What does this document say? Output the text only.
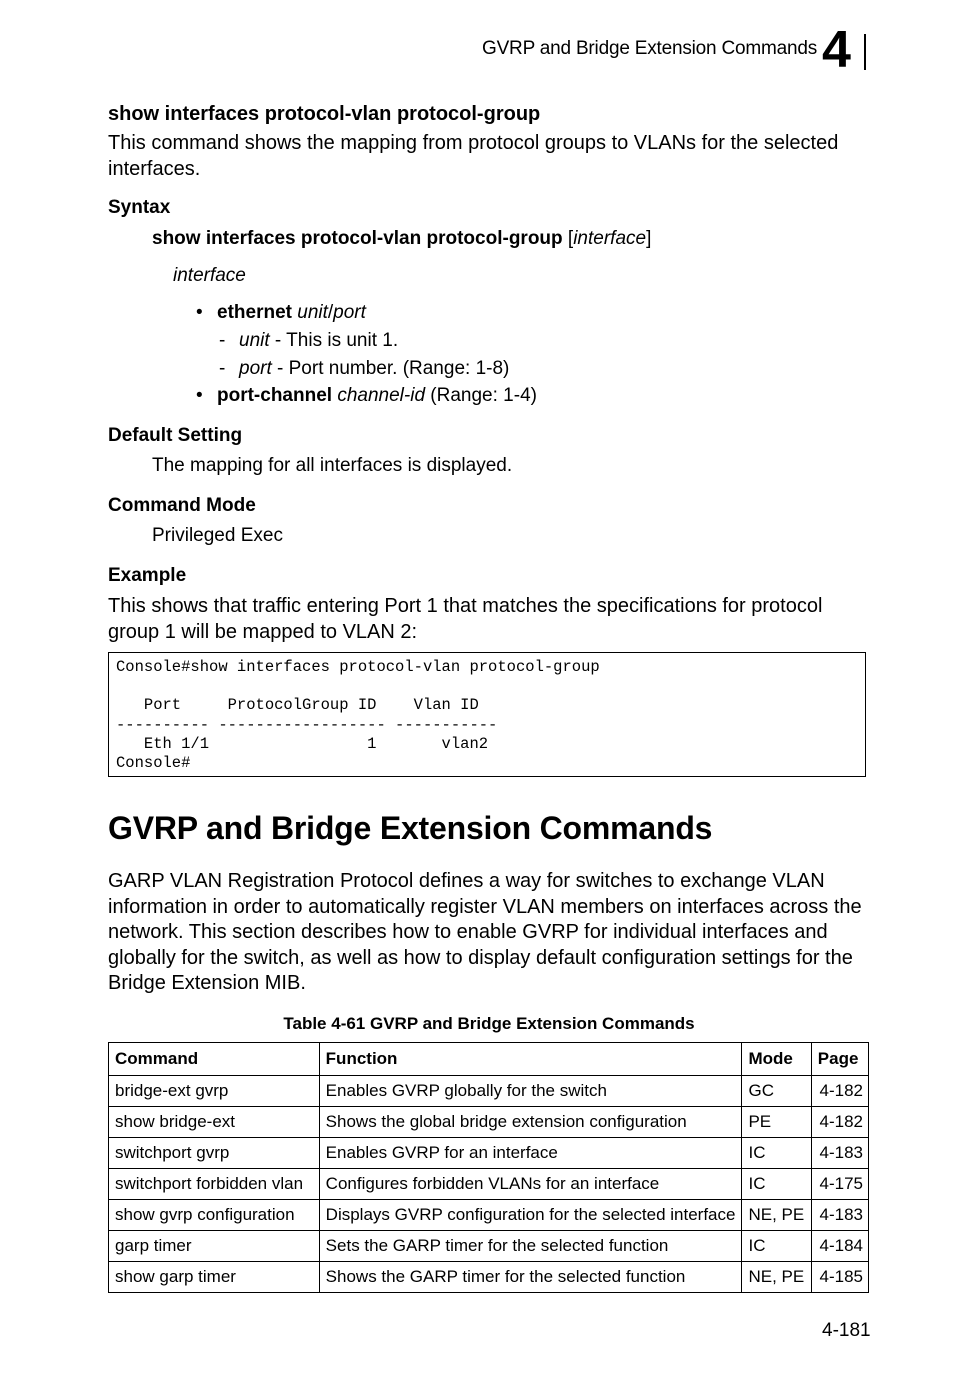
GVRP and Bridge Extension Commands 4
show interfaces protocol-vlan protocol-group
This command shows the mapping from protocol groups to VLANs for the selected interfaces.
Syntax
show interfaces protocol-vlan protocol-group [interface]
interface
• ethernet unit/port
- unit - This is unit 1.
- port - Port number. (Range: 1-8)
• port-channel channel-id (Range: 1-4)
Default Setting
The mapping for all interfaces is displayed.
Command Mode
Privileged Exec
Example
This shows that traffic entering Port 1 that matches the specifications for protocol group 1 will be mapped to VLAN 2:
Console#show interfaces protocol-vlan protocol-group

Port     ProtocolGroup ID    Vlan ID
---------- ------------------ -----------
Eth 1/1                 1       vlan2
Console#
GVRP and Bridge Extension Commands
GARP VLAN Registration Protocol defines a way for switches to exchange VLAN information in order to automatically register VLAN members on interfaces across the network. This section describes how to enable GVRP for individual interfaces and globally for the switch, as well as how to display default configuration settings for the Bridge Extension MIB.
Table 4-61 GVRP and Bridge Extension Commands
Command	Function	Mode	Page
bridge-ext gvrp	Enables GVRP globally for the switch	GC	4-182
show bridge-ext	Shows the global bridge extension configuration	PE	4-182
switchport gvrp	Enables GVRP for an interface	IC	4-183
switchport forbidden vlan	Configures forbidden VLANs for an interface	IC	4-175
show gvrp configuration	Displays GVRP configuration for the selected interface	NE, PE	4-183
garp timer	Sets the GARP timer for the selected function	IC	4-184
show garp timer	Shows the GARP timer for the selected function	NE, PE	4-185
4-181
